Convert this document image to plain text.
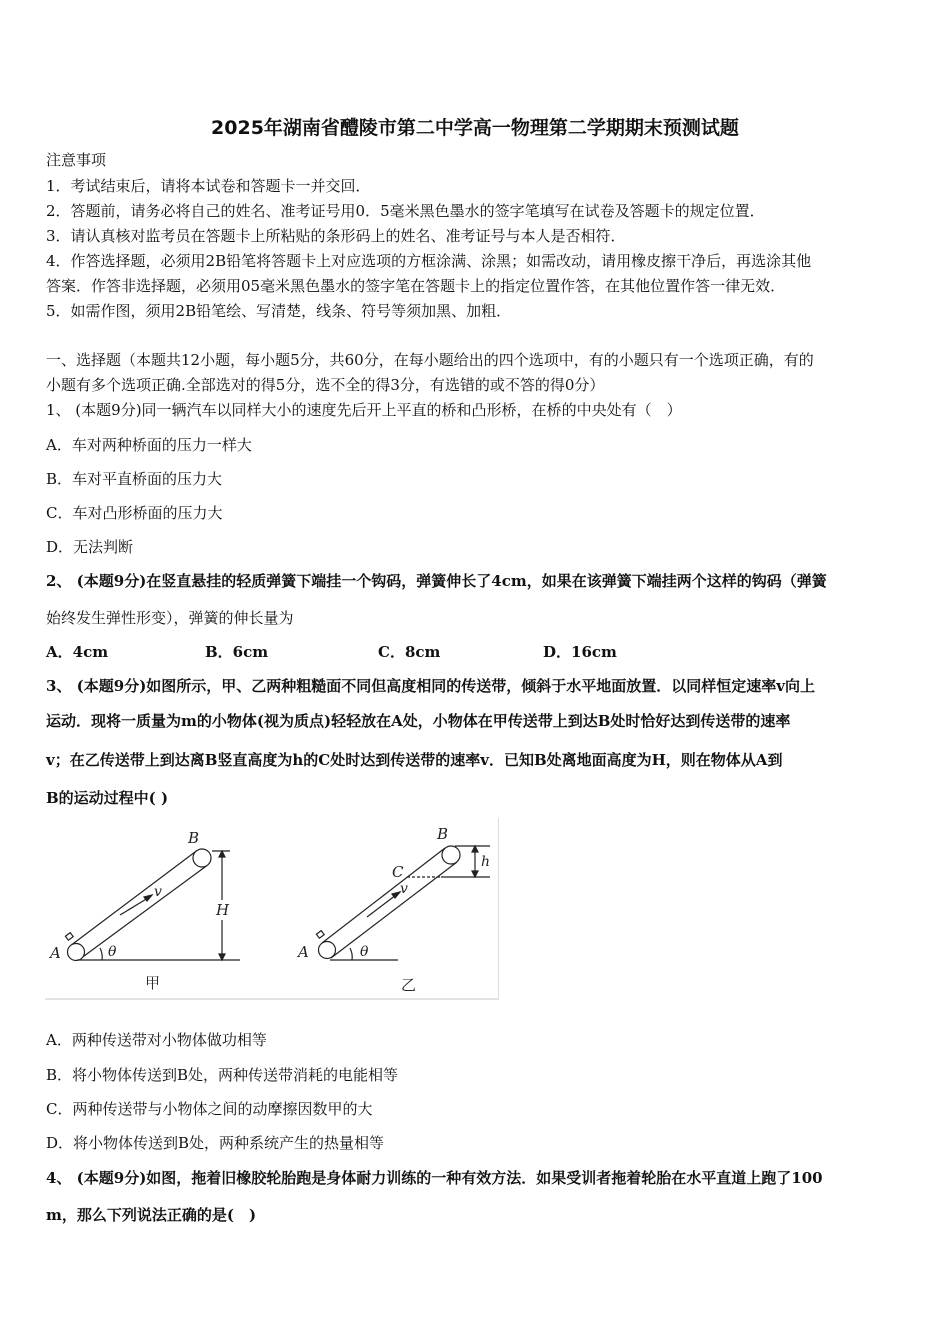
2025年湖南省醴陵市第二中学高一物理第二学期期末预测试题
注意事项
1．考试结束后，请将本试卷和答题卡一并交回．
2．答题前，请务必将自己的姓名、准考证号用0．5毫米黑色墨水的签字笔填写在试卷及答题卡的规定位置．
3．请认真核对监考员在答题卡上所粘贴的条形码上的姓名、准考证号与本人是否相符．
4．作答选择题，必须用2B铅笔将答题卡上对应选项的方框涂满、涂黑；如需改动，请用橡皮擦干净后，再选涂其他
答案．作答非选择题，必须用05毫米黑色墨水的签字笔在答题卡上的指定位置作答，在其他位置作答一律无效．
5．如需作图，须用2B铅笔绘、写清楚，线条、符号等须加黑、加粗．
一、选择题（本题共12小题，每小题5分，共60分，在每小题给出的四个选项中，有的小题只有一个选项正确，有的
小题有多个选项正确.全部选对的得5分，选不全的得3分，有选错的或不答的得0分）
1、 (本题9分)同一辆汽车以同样大小的速度先后开上平直的桥和凸形桥，在桥的中央处有（　）
A．车对两种桥面的压力一样大
B．车对平直桥面的压力大
C．车对凸形桥面的压力大
D．无法判断
2、 (本题9分)在竖直悬挂的轻质弹簧下端挂一个钩码，弹簧伸长了4cm，如果在该弹簧下端挂两个这样的钩码（弹簧
始终发生弹性形变），弹簧的伸长量为
A．4cm	B．6cm	C．8cm	D．16cm
3、 (本题9分)如图所示，甲、乙两种粗糙面不同但高度相同的传送带，倾斜于水平地面放置．以同样恒定速率v向上
运动．现将一质量为m的小物体(视为质点)轻轻放在A处，小物体在甲传送带上到达B处时恰好达到传送带的速率
v；在乙传送带上到达离B竖直高度为h的C处时达到传送带的速率v．已知B处离地面高度为H，则在物体从A到
B的运动过程中( )
B
H
A	θ
v
甲
B
C
h
v
A	θ
乙
A．两种传送带对小物体做功相等
B．将小物体传送到B处，两种传送带消耗的电能相等
C．两种传送带与小物体之间的动摩擦因数甲的大
D．将小物体传送到B处，两种系统产生的热量相等
4、 (本题9分)如图，拖着旧橡胶轮胎跑是身体耐力训练的一种有效方法．如果受训者拖着轮胎在水平直道上跑了100
m，那么下列说法正确的是(　)
